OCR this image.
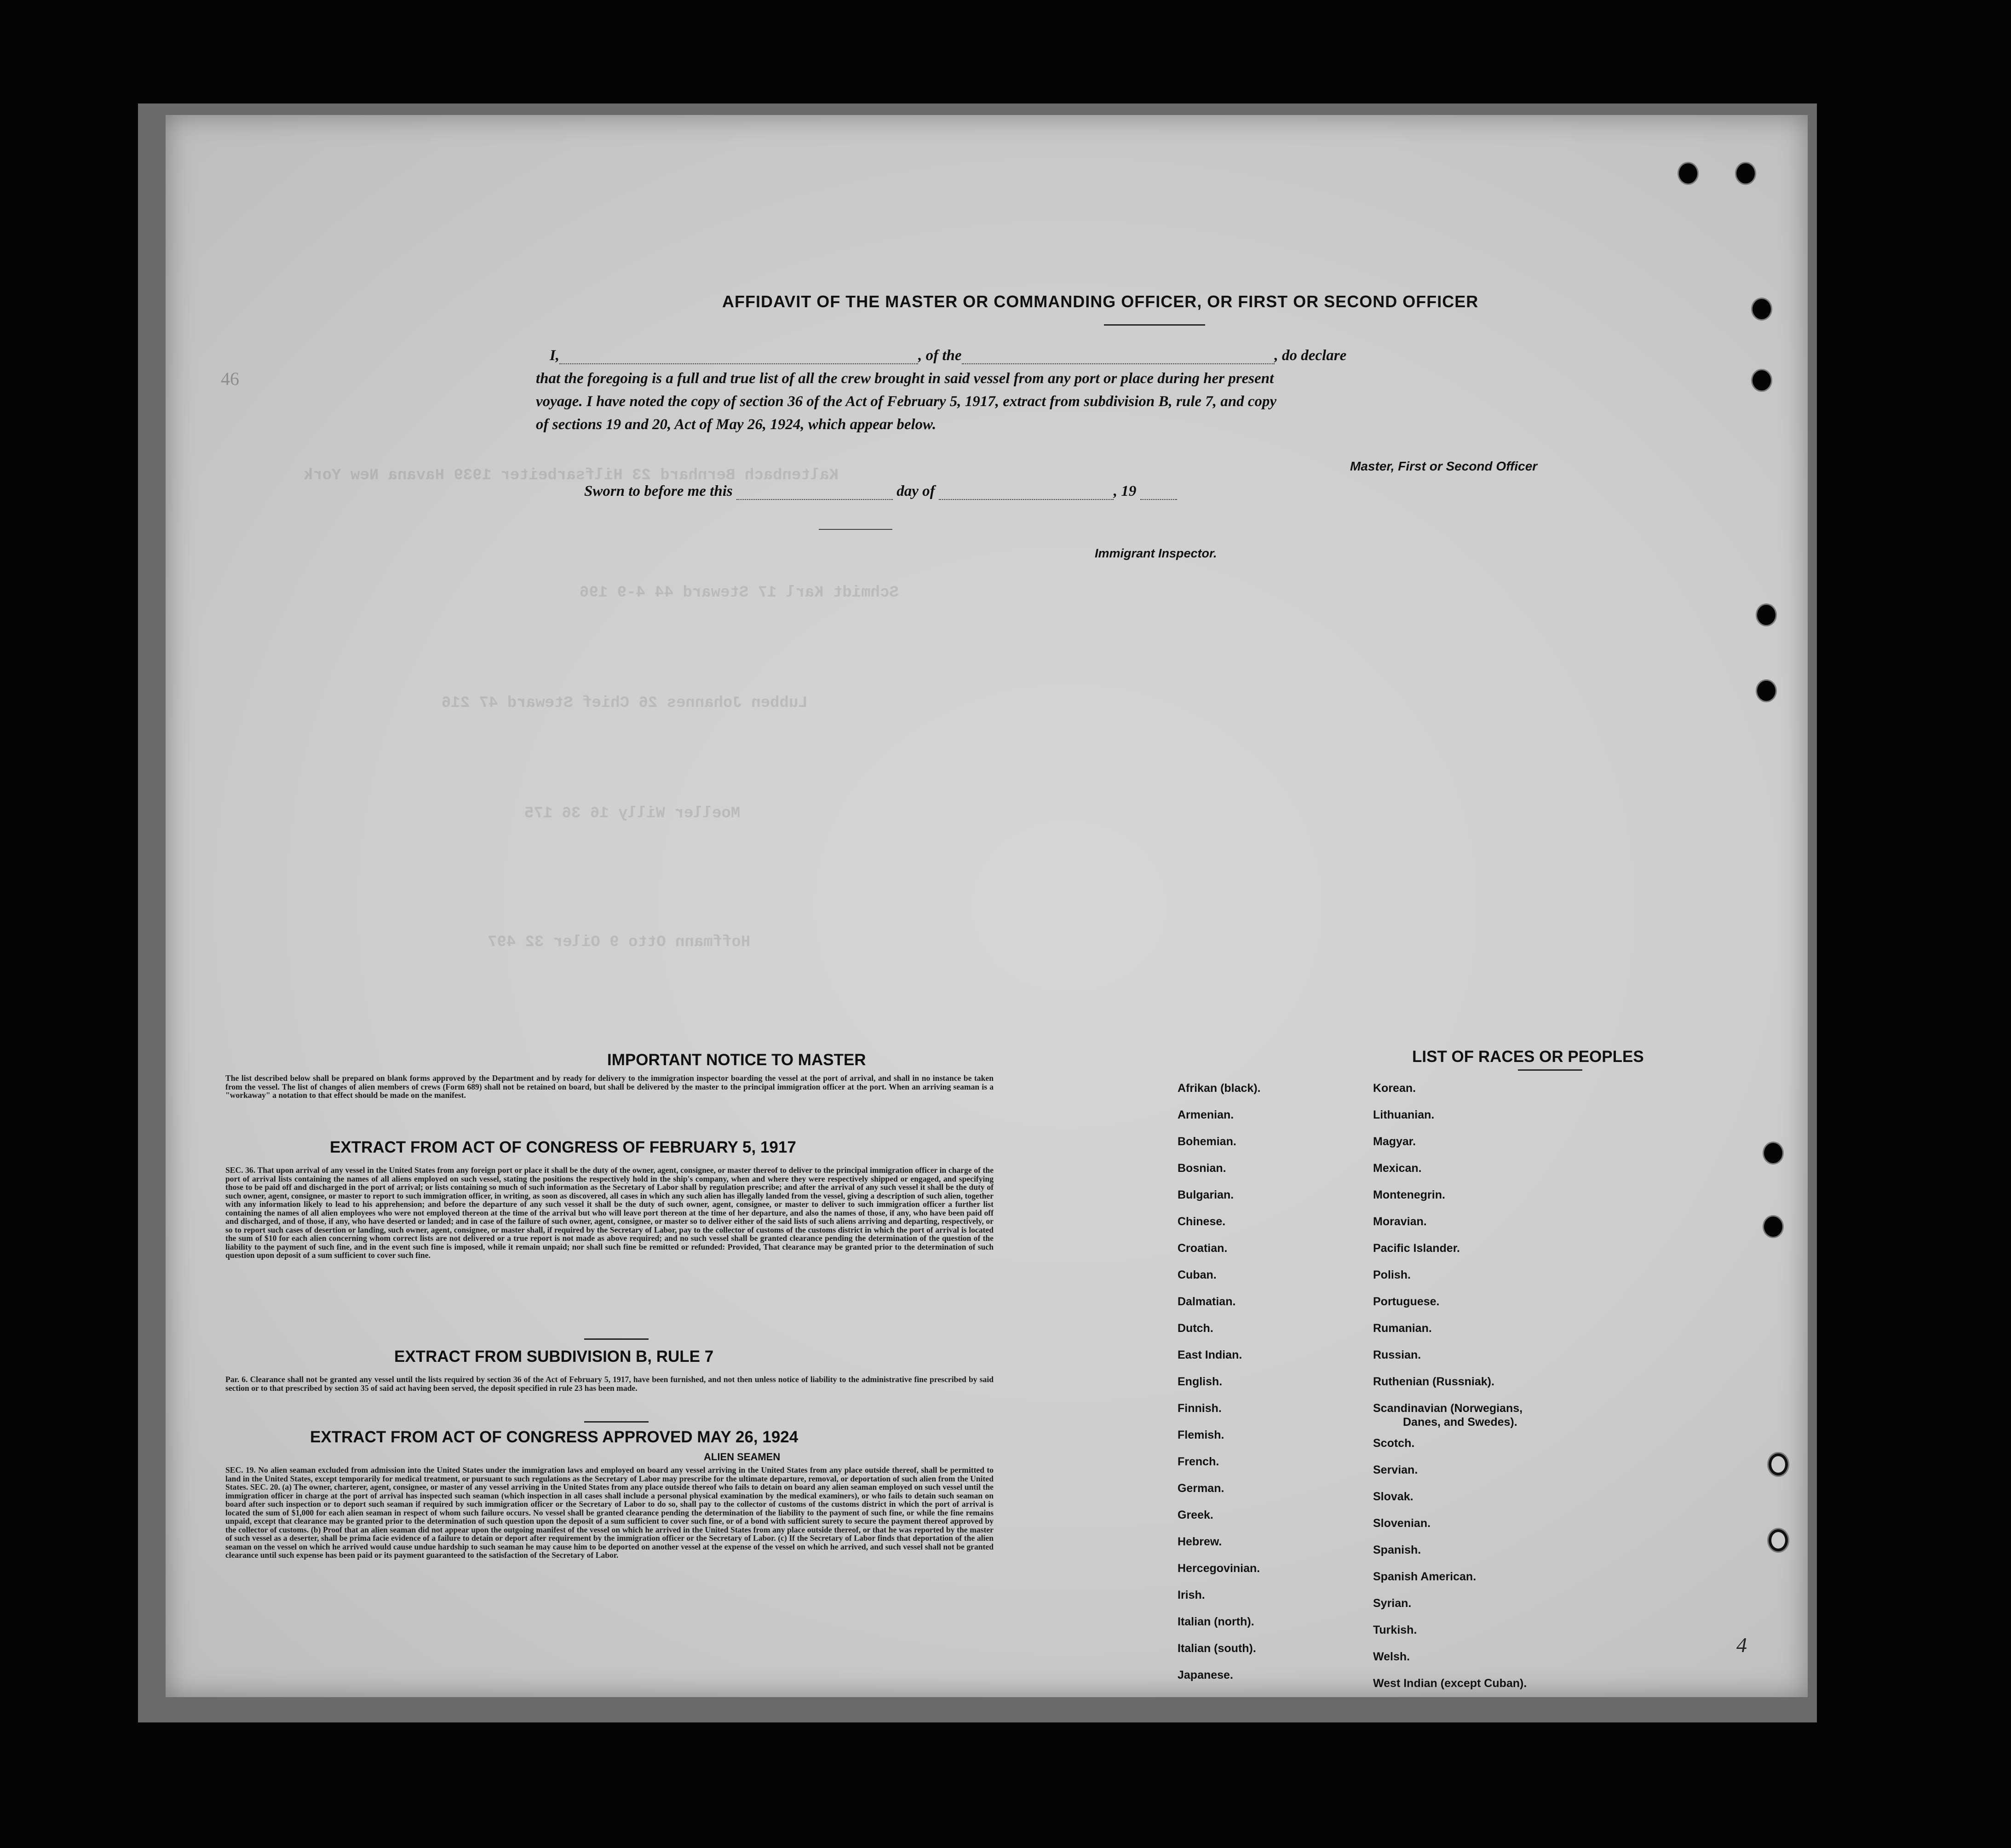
Kaltenbach Bernhard 23 Hilfsarbeiter 1939 Havana New York
Schmidt Karl 17 Steward 44 4-9 196
Lubben Johannes 26 Chief Steward 47 216
Moeller Willy 16 36 175
Hoffmann Otto 9 Oiler 32 497
AFFIDAVIT OF THE MASTER OR COMMANDING OFFICER, OR FIRST OR SECOND OFFICER
I,	, of the	, do declare
that the foregoing is a full and true list of all the crew brought in said vessel from any port or place during her present
voyage. I have noted the copy of section 36 of the Act of February 5, 1917, extract from subdivision B, rule 7, and copy
of sections 19 and 20, Act of May 26, 1924, which appear below.
Master, First or Second Officer
Sworn to before me this	day of	, 19
Immigrant Inspector.
IMPORTANT NOTICE TO MASTER
The list described below shall be prepared on blank forms approved by the Department and by ready for delivery to the immigration inspector boarding the vessel at the port of arrival, and shall in no instance be taken from the vessel. The list of changes of alien members of crews (Form 689) shall not be retained on board, but shall be delivered by the master to the principal immigration officer at the port. When an arriving seaman is a "workaway" a notation to that effect should be made on the manifest.
EXTRACT FROM ACT OF CONGRESS OF FEBRUARY 5, 1917
SEC. 36. That upon arrival of any vessel in the United States from any foreign port or place it shall be the duty of the owner, agent, consignee, or master thereof to deliver to the principal immigration officer in charge of the port of arrival lists containing the names of all aliens employed on such vessel, stating the positions the respectively hold in the ship's company, when and where they were respectively shipped or engaged, and specifying those to be paid off and discharged in the port of arrival; or lists containing so much of such information as the Secretary of Labor shall by regulation prescribe; and after the arrival of any such vessel it shall be the duty of such owner, agent, consignee, or master to report to such immigration officer, in writing, as soon as discovered, all cases in which any such alien has illegally landed from the vessel, giving a description of such alien, together with any information likely to lead to his apprehension; and before the departure of any such vessel it shall be the duty of such owner, agent, consignee, or master to deliver to such immigration officer a further list containing the names of all alien employees who were not employed thereon at the time of the arrival but who will leave port thereon at the time of her departure, and also the names of those, if any, who have been paid off and discharged, and of those, if any, who have deserted or landed; and in case of the failure of such owner, agent, consignee, or master so to deliver either of the said lists of such aliens arriving and departing, respectively, or so to report such cases of desertion or landing, such owner, agent, consignee, or master shall, if required by the Secretary of Labor, pay to the collector of customs of the customs district in which the port of arrival is located the sum of $10 for each alien concerning whom correct lists are not delivered or a true report is not made as above required; and no such vessel shall be granted clearance pending the determination of the question of the liability to the payment of such fine, and in the event such fine is imposed, while it remain unpaid; nor shall such fine be remitted or refunded: Provided, That clearance may be granted prior to the determination of such question upon deposit of a sum sufficient to cover such fine.
EXTRACT FROM SUBDIVISION B, RULE 7
Par. 6. Clearance shall not be granted any vessel until the lists required by section 36 of the Act of February 5, 1917, have been furnished, and not then unless notice of liability to the administrative fine prescribed by said section or to that prescribed by section 35 of said act having been served, the deposit specified in rule 23 has been made.
EXTRACT FROM ACT OF CONGRESS APPROVED MAY 26, 1924
ALIEN SEAMEN
SEC. 19. No alien seaman excluded from admission into the United States under the immigration laws and employed on board any vessel arriving in the United States from any place outside thereof, shall be permitted to land in the United States, except temporarily for medical treatment, or pursuant to such regulations as the Secretary of Labor may prescribe for the ultimate departure, removal, or deportation of such alien from the United States. SEC. 20. (a) The owner, charterer, agent, consignee, or master of any vessel arriving in the United States from any place outside thereof who fails to detain on board any alien seaman employed on such vessel until the immigration officer in charge at the port of arrival has inspected such seaman (which inspection in all cases shall include a personal physical examination by the medical examiners), or who fails to detain such seaman on board after such inspection or to deport such seaman if required by such immigration officer or the Secretary of Labor to do so, shall pay to the collector of customs of the customs district in which the port of arrival is located the sum of $1,000 for each alien seaman in respect of whom such failure occurs. No vessel shall be granted clearance pending the determination of the liability to the payment of such fine, or while the fine remains unpaid, except that clearance may be granted prior to the determination of such question upon the deposit of a sum sufficient to cover such fine, or of a bond with sufficient surety to secure the payment thereof approved by the collector of customs. (b) Proof that an alien seaman did not appear upon the outgoing manifest of the vessel on which he arrived in the United States from any place outside thereof, or that he was reported by the master of such vessel as a deserter, shall be prima facie evidence of a failure to detain or deport after requirement by the immigration officer or the Secretary of Labor. (c) If the Secretary of Labor finds that deportation of the alien seaman on the vessel on which he arrived would cause undue hardship to such seaman he may cause him to be deported on another vessel at the expense of the vessel on which he arrived, and such vessel shall not be granted clearance until such expense has been paid or its payment guaranteed to the satisfaction of the Secretary of Labor.
LIST OF RACES OR PEOPLES
Afrikan (black).
Armenian.
Bohemian.
Bosnian.
Bulgarian.
Chinese.
Croatian.
Cuban.
Dalmatian.
Dutch.
East Indian.
English.
Finnish.
Flemish.
French.
German.
Greek.
Hebrew.
Hercegovinian.
Irish.
Italian (north).
Italian (south).
Japanese.
Korean.
Lithuanian.
Magyar.
Mexican.
Montenegrin.
Moravian.
Pacific Islander.
Polish.
Portuguese.
Rumanian.
Russian.
Ruthenian (Russniak).
Scandinavian (Norwegians,
Danes, and Swedes).
Scotch.
Servian.
Slovak.
Slovenian.
Spanish.
Spanish American.
Syrian.
Turkish.
Welsh.
West Indian (except Cuban).
46
4
